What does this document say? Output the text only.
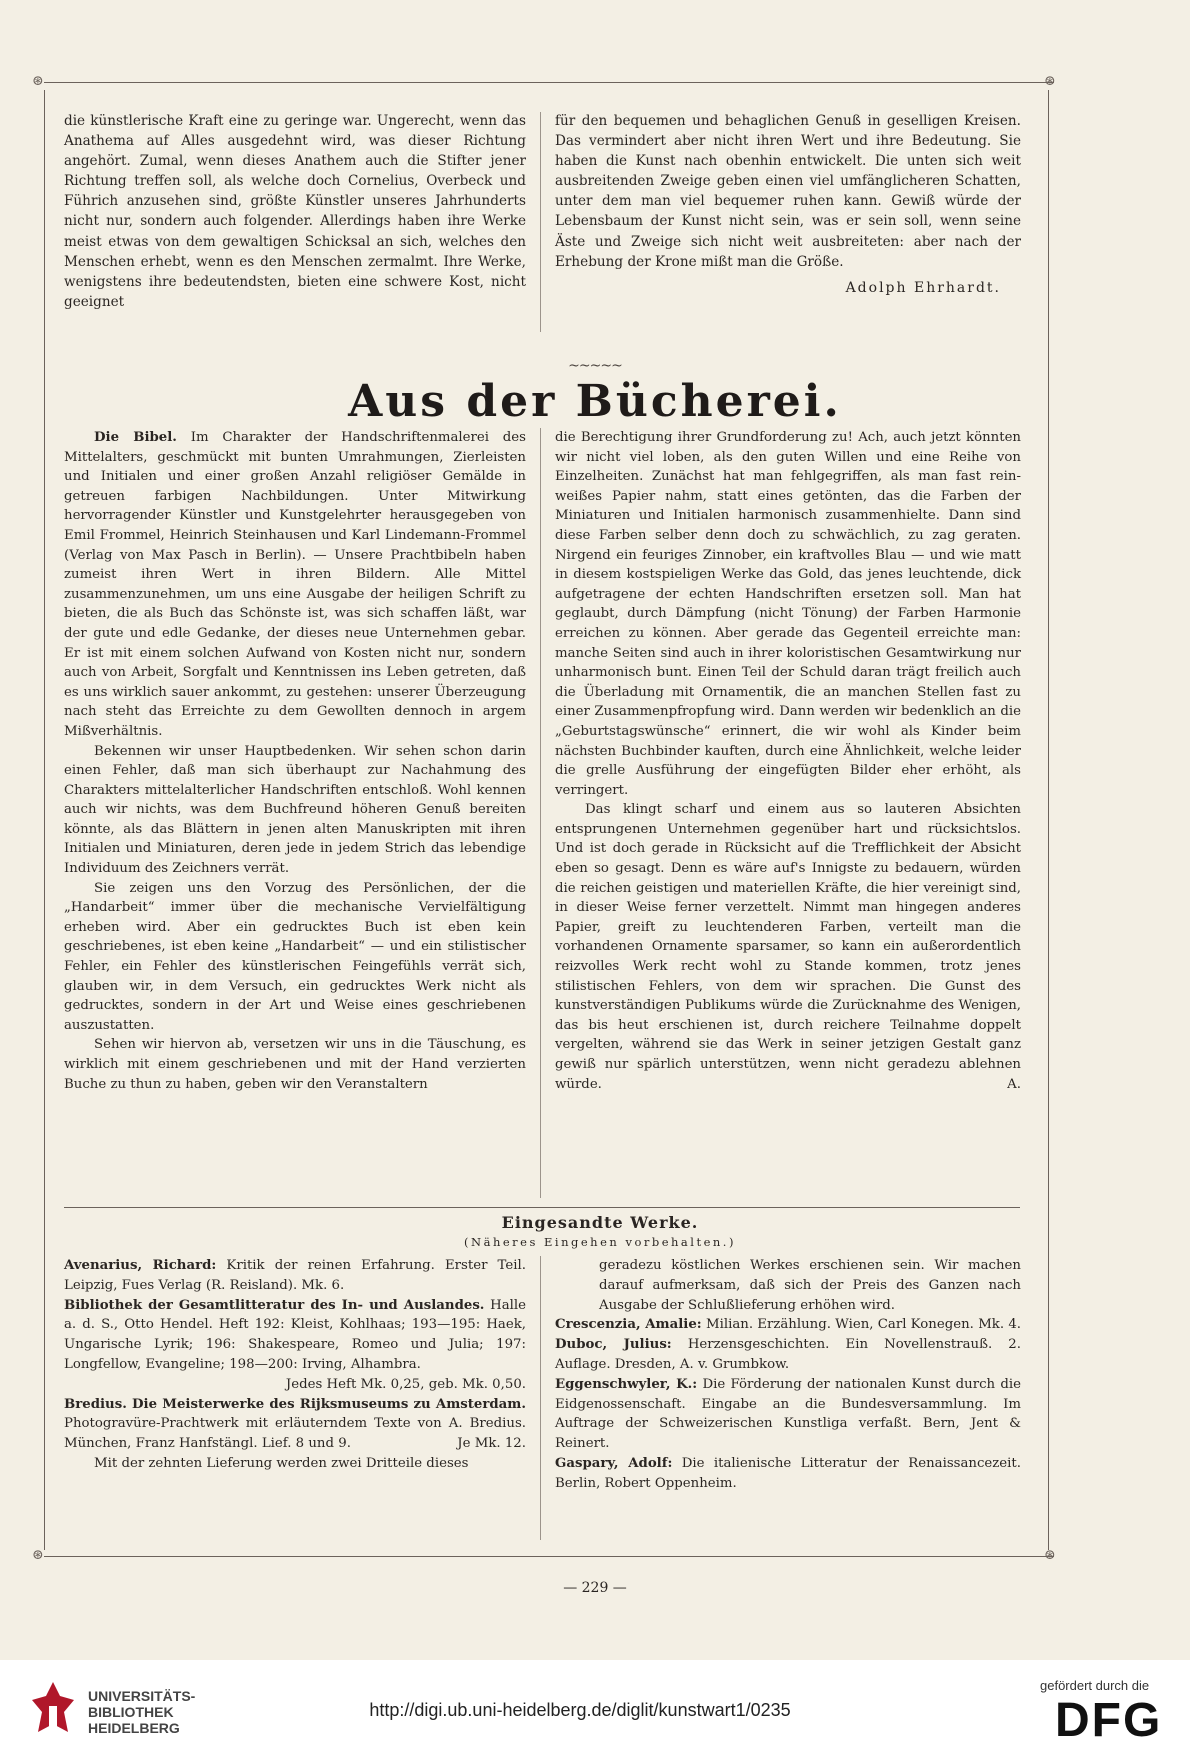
⊛	⊛
⊛	⊛

die künstlerische Kraft eine zu geringe war. Ungerecht, wenn das Anathema auf Alles ausgedehnt wird, was dieser Richtung angehört. Zumal, wenn dieses Anathem auch die Stifter jener Richtung treffen soll, als welche doch Cornelius, Overbeck und Führich anzusehen sind, größte Künstler unseres Jahrhunderts nicht nur, sondern auch folgender. Allerdings haben ihre Werke meist etwas von dem gewaltigen Schicksal an sich, welches den Menschen erhebt, wenn es den Menschen zermalmt. Ihre Werke, wenigstens ihre bedeutendsten, bieten eine schwere Kost, nicht geeignet

für den bequemen und behaglichen Genuß in geselligen Kreisen. Das vermindert aber nicht ihren Wert und ihre Bedeutung. Sie haben die Kunst nach obenhin entwickelt. Die unten sich weit ausbreitenden Zweige geben einen viel umfänglicheren Schatten, unter dem man viel bequemer ruhen kann. Gewiß würde der Lebensbaum der Kunst nicht sein, was er sein soll, wenn seine Äste und Zweige sich nicht weit ausbreiteten: aber nach der Erhebung der Krone mißt man die Größe.

Adolph Ehrhardt.

~~~~~
Aus der Bücherei.

Die Bibel. Im Charakter der Handschriftenmalerei des Mittelalters, geschmückt mit bunten Umrahmungen, Zierleisten und Initialen und einer großen Anzahl religiöser Gemälde in getreuen farbigen Nachbildungen. Unter Mitwirkung hervorragender Künstler und Kunstgelehrter herausgegeben von Emil Frommel, Heinrich Steinhausen und Karl Lindemann-Frommel (Verlag von Max Pasch in Berlin). — Unsere Prachtbibeln haben zumeist ihren Wert in ihren Bildern. Alle Mittel zusammenzunehmen, um uns eine Ausgabe der heiligen Schrift zu bieten, die als Buch das Schönste ist, was sich schaffen läßt, war der gute und edle Gedanke, der dieses neue Unternehmen gebar. Er ist mit einem solchen Aufwand von Kosten nicht nur, sondern auch von Arbeit, Sorgfalt und Kenntnissen ins Leben getreten, daß es uns wirklich sauer ankommt, zu gestehen: unserer Überzeugung nach steht das Erreichte zu dem Gewollten dennoch in argem Mißverhältnis.

Bekennen wir unser Hauptbedenken. Wir sehen schon darin einen Fehler, daß man sich überhaupt zur Nachahmung des Charakters mittelalterlicher Handschriften entschloß. Wohl kennen auch wir nichts, was dem Buchfreund höheren Genuß bereiten könnte, als das Blättern in jenen alten Manuskripten mit ihren Initialen und Miniaturen, deren jede in jedem Strich das lebendige Individuum des Zeichners verrät.

Sie zeigen uns den Vorzug des Persönlichen, der die „Handarbeit“ immer über die mechanische Vervielfältigung erheben wird. Aber ein gedrucktes Buch ist eben kein geschriebenes, ist eben keine „Handarbeit“ — und ein stilistischer Fehler, ein Fehler des künstlerischen Feingefühls verrät sich, glauben wir, in dem Versuch, ein gedrucktes Werk nicht als gedrucktes, sondern in der Art und Weise eines geschriebenen auszustatten.

Sehen wir hiervon ab, versetzen wir uns in die Täuschung, es wirklich mit einem geschriebenen und mit der Hand verzierten Buche zu thun zu haben, geben wir den Veranstaltern

die Berechtigung ihrer Grundforderung zu! Ach, auch jetzt könnten wir nicht viel loben, als den guten Willen und eine Reihe von Einzelheiten. Zunächst hat man fehlgegriffen, als man fast rein-weißes Papier nahm, statt eines getönten, das die Farben der Miniaturen und Initialen harmonisch zusammenhielte. Dann sind diese Farben selber denn doch zu schwächlich, zu zag geraten. Nirgend ein feuriges Zinnober, ein kraftvolles Blau — und wie matt in diesem kostspieligen Werke das Gold, das jenes leuchtende, dick aufgetragene der echten Handschriften ersetzen soll. Man hat geglaubt, durch Dämpfung (nicht Tönung) der Farben Harmonie erreichen zu können. Aber gerade das Gegenteil erreichte man: manche Seiten sind auch in ihrer koloristischen Gesamtwirkung nur unharmonisch bunt. Einen Teil der Schuld daran trägt freilich auch die Überladung mit Ornamentik, die an manchen Stellen fast zu einer Zusammenpfropfung wird. Dann werden wir bedenklich an die „Geburtstagswünsche“ erinnert, die wir wohl als Kinder beim nächsten Buchbinder kauften, durch eine Ähnlichkeit, welche leider die grelle Ausführung der eingefügten Bilder eher erhöht, als verringert.

Das klingt scharf und einem aus so lauteren Absichten entsprungenen Unternehmen gegenüber hart und rücksichtslos. Und ist doch gerade in Rücksicht auf die Trefflichkeit der Absicht eben so gesagt. Denn es wäre auf's Innigste zu bedauern, würden die reichen geistigen und materiellen Kräfte, die hier vereinigt sind, in dieser Weise ferner verzettelt. Nimmt man hingegen anderes Papier, greift zu leuchtenderen Farben, verteilt man die vorhandenen Ornamente sparsamer, so kann ein außerordentlich reizvolles Werk recht wohl zu Stande kommen, trotz jenes stilistischen Fehlers, von dem wir sprachen. Die Gunst des kunstverständigen Publikums würde die Zurücknahme des Wenigen, das bis heut erschienen ist, durch reichere Teilnahme doppelt vergelten, während sie das Werk in seiner jetzigen Gestalt ganz gewiß nur spärlich unterstützen, wenn nicht geradezu ablehnen würde.	A.

Eingesandte Werke.
(Näheres Eingehen vorbehalten.)

Avenarius, Richard: Kritik der reinen Erfahrung. Erster Teil. Leipzig, Fues Verlag (R. Reisland). Mk. 6.

Bibliothek der Gesamtlitteratur des In- und Auslandes. Halle a. d. S., Otto Hendel. Heft 192: Kleist, Kohlhaas; 193—195: Haek, Ungarische Lyrik; 196: Shakespeare, Romeo und Julia; 197: Longfellow, Evangeline; 198—200: Irving, Alhambra.

Jedes Heft Mk. 0,25, geb. Mk. 0,50.

Bredius. Die Meisterwerke des Rijksmuseums zu Amsterdam. Photogravüre-Prachtwerk mit erläuterndem Texte von A. Bredius. München, Franz Hanfstängl. Lief. 8 und 9.	Je Mk. 12.

Mit der zehnten Lieferung werden zwei Dritteile dieses

geradezu köstlichen Werkes erschienen sein. Wir machen darauf aufmerksam, daß sich der Preis des Ganzen nach Ausgabe der Schlußlieferung erhöhen wird.

Crescenzia, Amalie: Milian. Erzählung. Wien, Carl Konegen. Mk. 4.

Duboc, Julius: Herzensgeschichten. Ein Novellenstrauß. 2. Auflage. Dresden, A. v. Grumbkow.

Eggenschwyler, K.: Die Förderung der nationalen Kunst durch die Eidgenossenschaft. Eingabe an die Bundesversammlung. Im Auftrage der Schweizerischen Kunstliga verfaßt. Bern, Jent & Reinert.

Gaspary, Adolf: Die italienische Litteratur der Renaissancezeit. Berlin, Robert Oppenheim.

— 229 —
UNIVERSITÄTS-
BIBLIOTHEK
HEIDELBERG
http://digi.ub.uni-heidelberg.de/diglit/kunstwart1/0235
gefördert durch die
DFG
